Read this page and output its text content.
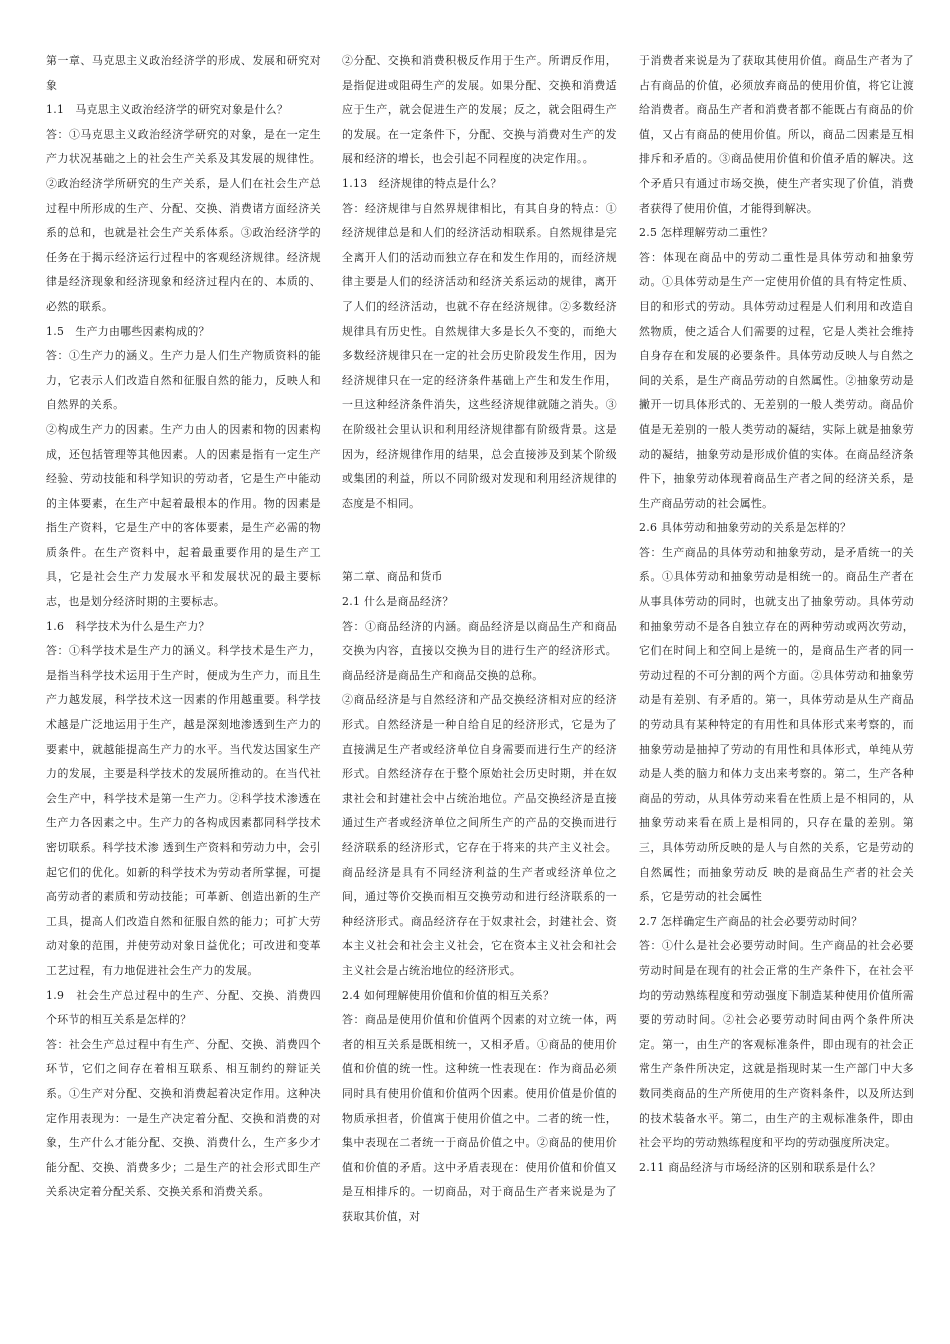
第一章、马克思主义政治经济学的形成、发展和研究对象

1.1　马克思主义政治经济学的研究对象是什么？

答：①马克思主义政治经济学研究的对象，是在一定生产力状况基础之上的社会生产关系及其发展的规律性。②政治经济学所研究的生产关系，是人们在社会生产总过程中所形成的生产、分配、交换、消费诸方面经济关系的总和，也就是社会生产关系体系。③政治经济学的任务在于揭示经济运行过程中的客观经济规律。经济规律是经济现象和经济现象和经济过程内在的、本质的、必然的联系。

1.5　生产力由哪些因素构成的？

答：①生产力的涵义。生产力是人们生产物质资料的能力，它表示人们改造自然和征服自然的能力，反映人和自然界的关系。

②构成生产力的因素。生产力由人的因素和物的因素构成，还包括管理等其他因素。人的因素是指有一定生产经验、劳动技能和科学知识的劳动者，它是生产中能动的主体要素，在生产中起着最根本的作用。物的因素是指生产资料，它是生产中的客体要素，是生产必需的物质条件。在生产资料中，起着最重要作用的是生产工具，它是社会生产力发展水平和发展状况的最主要标志，也是划分经济时期的主要标志。

1.6　科学技术为什么是生产力？

答：①科学技术是生产力的涵义。科学技术是生产力，是指当科学技术运用于生产时，便成为生产力，而且生产力越发展，科学技术这一因素的作用越重要。科学技术越是广泛地运用于生产，越是深刻地渗透到生产力的要素中，就越能提高生产力的水平。当代发达国家生产力的发展，主要是科学技术的发展所推动的。在当代社会生产中，科学技术是第一生产力。②科学技术渗透在生产力各因素之中。生产力的各构成因素都同科学技术密切联系。科学技术渗 透到生产资料和劳动力中，会引起它们的优化。如新的科学技术为劳动者所掌握，可提高劳动者的素质和劳动技能；可革新、创造出新的生产工具，提高人们改造自然和征服自然的能力；可扩大劳动对象的范围，并使劳动对象日益优化；可改进和变革工艺过程，有力地促进社会生产力的发展。

1.9　社会生产总过程中的生产、分配、交换、消费四个环节的相互关系是怎样的？

答：社会生产总过程中有生产、分配、交换、消费四个环节，它们之间存在着相互联系、相互制约的辩证关系。①生产对分配、交换和消费起着决定作用。这种决定作用表现为：一是生产决定着分配、交换和消费的对象，生产什么才能分配、交换、消费什么，生产多少才能分配、交换、消费多少；二是生产的社会形式即生产关系决定着分配关系、交换关系和消费关系。

②分配、交换和消费积极反作用于生产。所谓反作用，是指促进或阻碍生产的发展。如果分配、交换和消费适应于生产，就会促进生产的发展；反之，就会阻碍生产的发展。在一定条件下，分配、交换与消费对生产的发展和经济的增长，也会引起不同程度的决定作用。。

1.13　经济规律的特点是什么？

答：经济规律与自然界规律相比，有其自身的特点：①经济规律总是和人们的经济活动相联系。自然规律是完全离开人们的活动而独立存在和发生作用的，而经济规律主要是人们的经济活动和经济关系运动的规律，离开了人们的经济活动，也就不存在经济规律。②多数经济规律具有历史性。自然规律大多是长久不变的，而绝大多数经济规律只在一定的社会历史阶段发生作用，因为经济规律只在一定的经济条件基础上产生和发生作用，一旦这种经济条件消失，这些经济规律就随之消失。③在阶级社会里认识和利用经济规律都有阶级背景。这是因为，经济规律作用的结果，总会直接涉及到某个阶级或集团的利益，所以不同阶级对发现和利用经济规律的态度是不相同。

第二章、商品和货币

2.1 什么是商品经济？

答：①商品经济的内涵。商品经济是以商品生产和商品交换为内容，直接以交换为目的进行生产的经济形式。商品经济是商品生产和商品交换的总称。

②商品经济是与自然经济和产品交换经济相对应的经济形式。自然经济是一种自给自足的经济形式，它是为了直接满足生产者或经济单位自身需要而进行生产的经济形式。自然经济存在于整个原始社会历史时期，并在奴隶社会和封建社会中占统治地位。产品交换经济是直接通过生产者或经济单位之间所生产的产品的交换而进行经济联系的经济形式，它存在于将来的共产主义社会。商品经济是具有不同经济利益的生产者或经济单位之间，通过等价交换而相互交换劳动和进行经济联系的一种经济形式。商品经济存在于奴隶社会，封建社会、资本主义社会和社会主义社会，它在资本主义社会和社会主义社会是占统治地位的经济形式。

2.4 如何理解使用价值和价值的相互关系？

答：商品是使用价值和价值两个因素的对立统一体，两者的相互关系是既相统一，又相矛盾。①商品的使用价值和价值的统一性。这种统一性表现在：作为商品必须同时具有使用价值和价值两个因素。使用价值是价值的物质承担者，价值寓于使用价值之中。二者的统一性，集中表现在二者统一于商品价值之中。②商品的使用价值和价值的矛盾。这中矛盾表现在：使用价值和价值又是互相排斥的。一切商品，对于商品生产者来说是为了获取其价值，对

于消费者来说是为了获取其使用价值。商品生产者为了占有商品的价值，必须放弃商品的使用价值，将它让渡给消费者。商品生产者和消费者都不能既占有商品的价值，又占有商品的使用价值。所以，商品二因素是互相排斥和矛盾的。③商品使用价值和价值矛盾的解决。这个矛盾只有通过市场交换，使生产者实现了价值，消费者获得了使用价值，才能得到解决。

2.5 怎样理解劳动二重性？

答：体现在商品中的劳动二重性是具体劳动和抽象劳动。①具体劳动是生产一定使用价值的具有特定性质、目的和形式的劳动。具体劳动过程是人们利用和改造自然物质，使之适合人们需要的过程，它是人类社会维持自身存在和发展的必要条件。具体劳动反映人与自然之间的关系，是生产商品劳动的自然属性。②抽象劳动是撇开一切具体形式的、无差别的一般人类劳动。商品价值是无差别的一般人类劳动的凝结，实际上就是抽象劳动的凝结，抽象劳动是形成价值的实体。在商品经济条件下，抽象劳动体现着商品生产者之间的经济关系，是生产商品劳动的社会属性。

2.6 具体劳动和抽象劳动的关系是怎样的？

答：生产商品的具体劳动和抽象劳动，是矛盾统一的关系。①具体劳动和抽象劳动是相统一的。商品生产者在从事具体劳动的同时，也就支出了抽象劳动。具体劳动和抽象劳动不是各自独立存在的两种劳动或两次劳动，它们在时间上和空间上是统一的，是商品生产者的同一劳动过程的不可分割的两个方面。②具体劳动和抽象劳动是有差别、有矛盾的。第一，具体劳动是从生产商品的劳动具有某种特定的有用性和具体形式来考察的，而抽象劳动是抽掉了劳动的有用性和具体形式，单纯从劳动是人类的脑力和体力支出来考察的。第二，生产各种商品的劳动，从具体劳动来看在性质上是不相同的，从抽象劳动来看在质上是相同的，只存在量的差别。第三，具体劳动所反映的是人与自然的关系，它是劳动的自然属性；而抽象劳动反 映的是商品生产者的社会关系，它是劳动的社会属性

2.7 怎样确定生产商品的社会必要劳动时间？

答：①什么是社会必要劳动时间。生产商品的社会必要劳动时间是在现有的社会正常的生产条件下，在社会平均的劳动熟练程度和劳动强度下制造某种使用价值所需要的劳动时间。②社会必要劳动时间由两个条件所决定。第一，由生产的客观标准条件，即由现有的社会正常生产条件所决定，这就是指现时某一生产部门中大多数同类商品的生产所使用的生产资料条件，以及所达到的技术装备水平。第二，由生产的主观标准条件，即由社会平均的劳动熟练程度和平均的劳动强度所决定。

2.11 商品经济与市场经济的区别和联系是什么？
